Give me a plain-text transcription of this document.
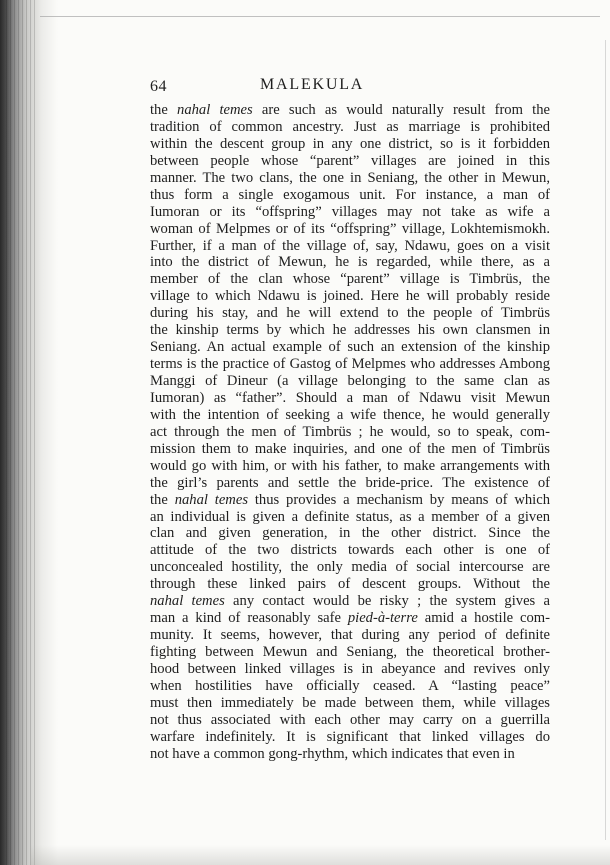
64	MALEKULA
the nahal temes are such as would naturally result from the
tradition of common ancestry. Just as marriage is prohibited
within the descent group in any one district, so is it forbidden
between people whose “parent” villages are joined in this
manner. The two clans, the one in Seniang, the other in Mewun,
thus form a single exogamous unit. For instance, a man of
Iumoran or its “offspring” villages may not take as wife a
woman of Melpmes or of its “offspring” village, Lokhtemismokh.
Further, if a man of the village of, say, Ndawu, goes on a visit
into the district of Mewun, he is regarded, while there, as a
member of the clan whose “parent” village is Timbrüs, the
village to which Ndawu is joined. Here he will probably reside
during his stay, and he will extend to the people of Timbrüs
the kinship terms by which he addresses his own clansmen in
Seniang. An actual example of such an extension of the kinship
terms is the practice of Gastog of Melpmes who addresses Ambong
Manggi of Dineur (a village belonging to the same clan as
Iumoran) as “father”. Should a man of Ndawu visit Mewun
with the intention of seeking a wife thence, he would generally
act through the men of Timbrüs ; he would, so to speak, com-
mission them to make inquiries, and one of the men of Timbrüs
would go with him, or with his father, to make arrangements with
the girl’s parents and settle the bride-price. The existence of
the nahal temes thus provides a mechanism by means of which
an individual is given a definite status, as a member of a given
clan and given generation, in the other district. Since the
attitude of the two districts towards each other is one of
unconcealed hostility, the only media of social intercourse are
through these linked pairs of descent groups. Without the
nahal temes any contact would be risky ; the system gives a
man a kind of reasonably safe pied-à-terre amid a hostile com-
munity. It seems, however, that during any period of definite
fighting between Mewun and Seniang, the theoretical brother-
hood between linked villages is in abeyance and revives only
when hostilities have officially ceased. A “lasting peace”
must then immediately be made between them, while villages
not thus associated with each other may carry on a guerrilla
warfare indefinitely. It is significant that linked villages do
not have a common gong-rhythm, which indicates that even in
